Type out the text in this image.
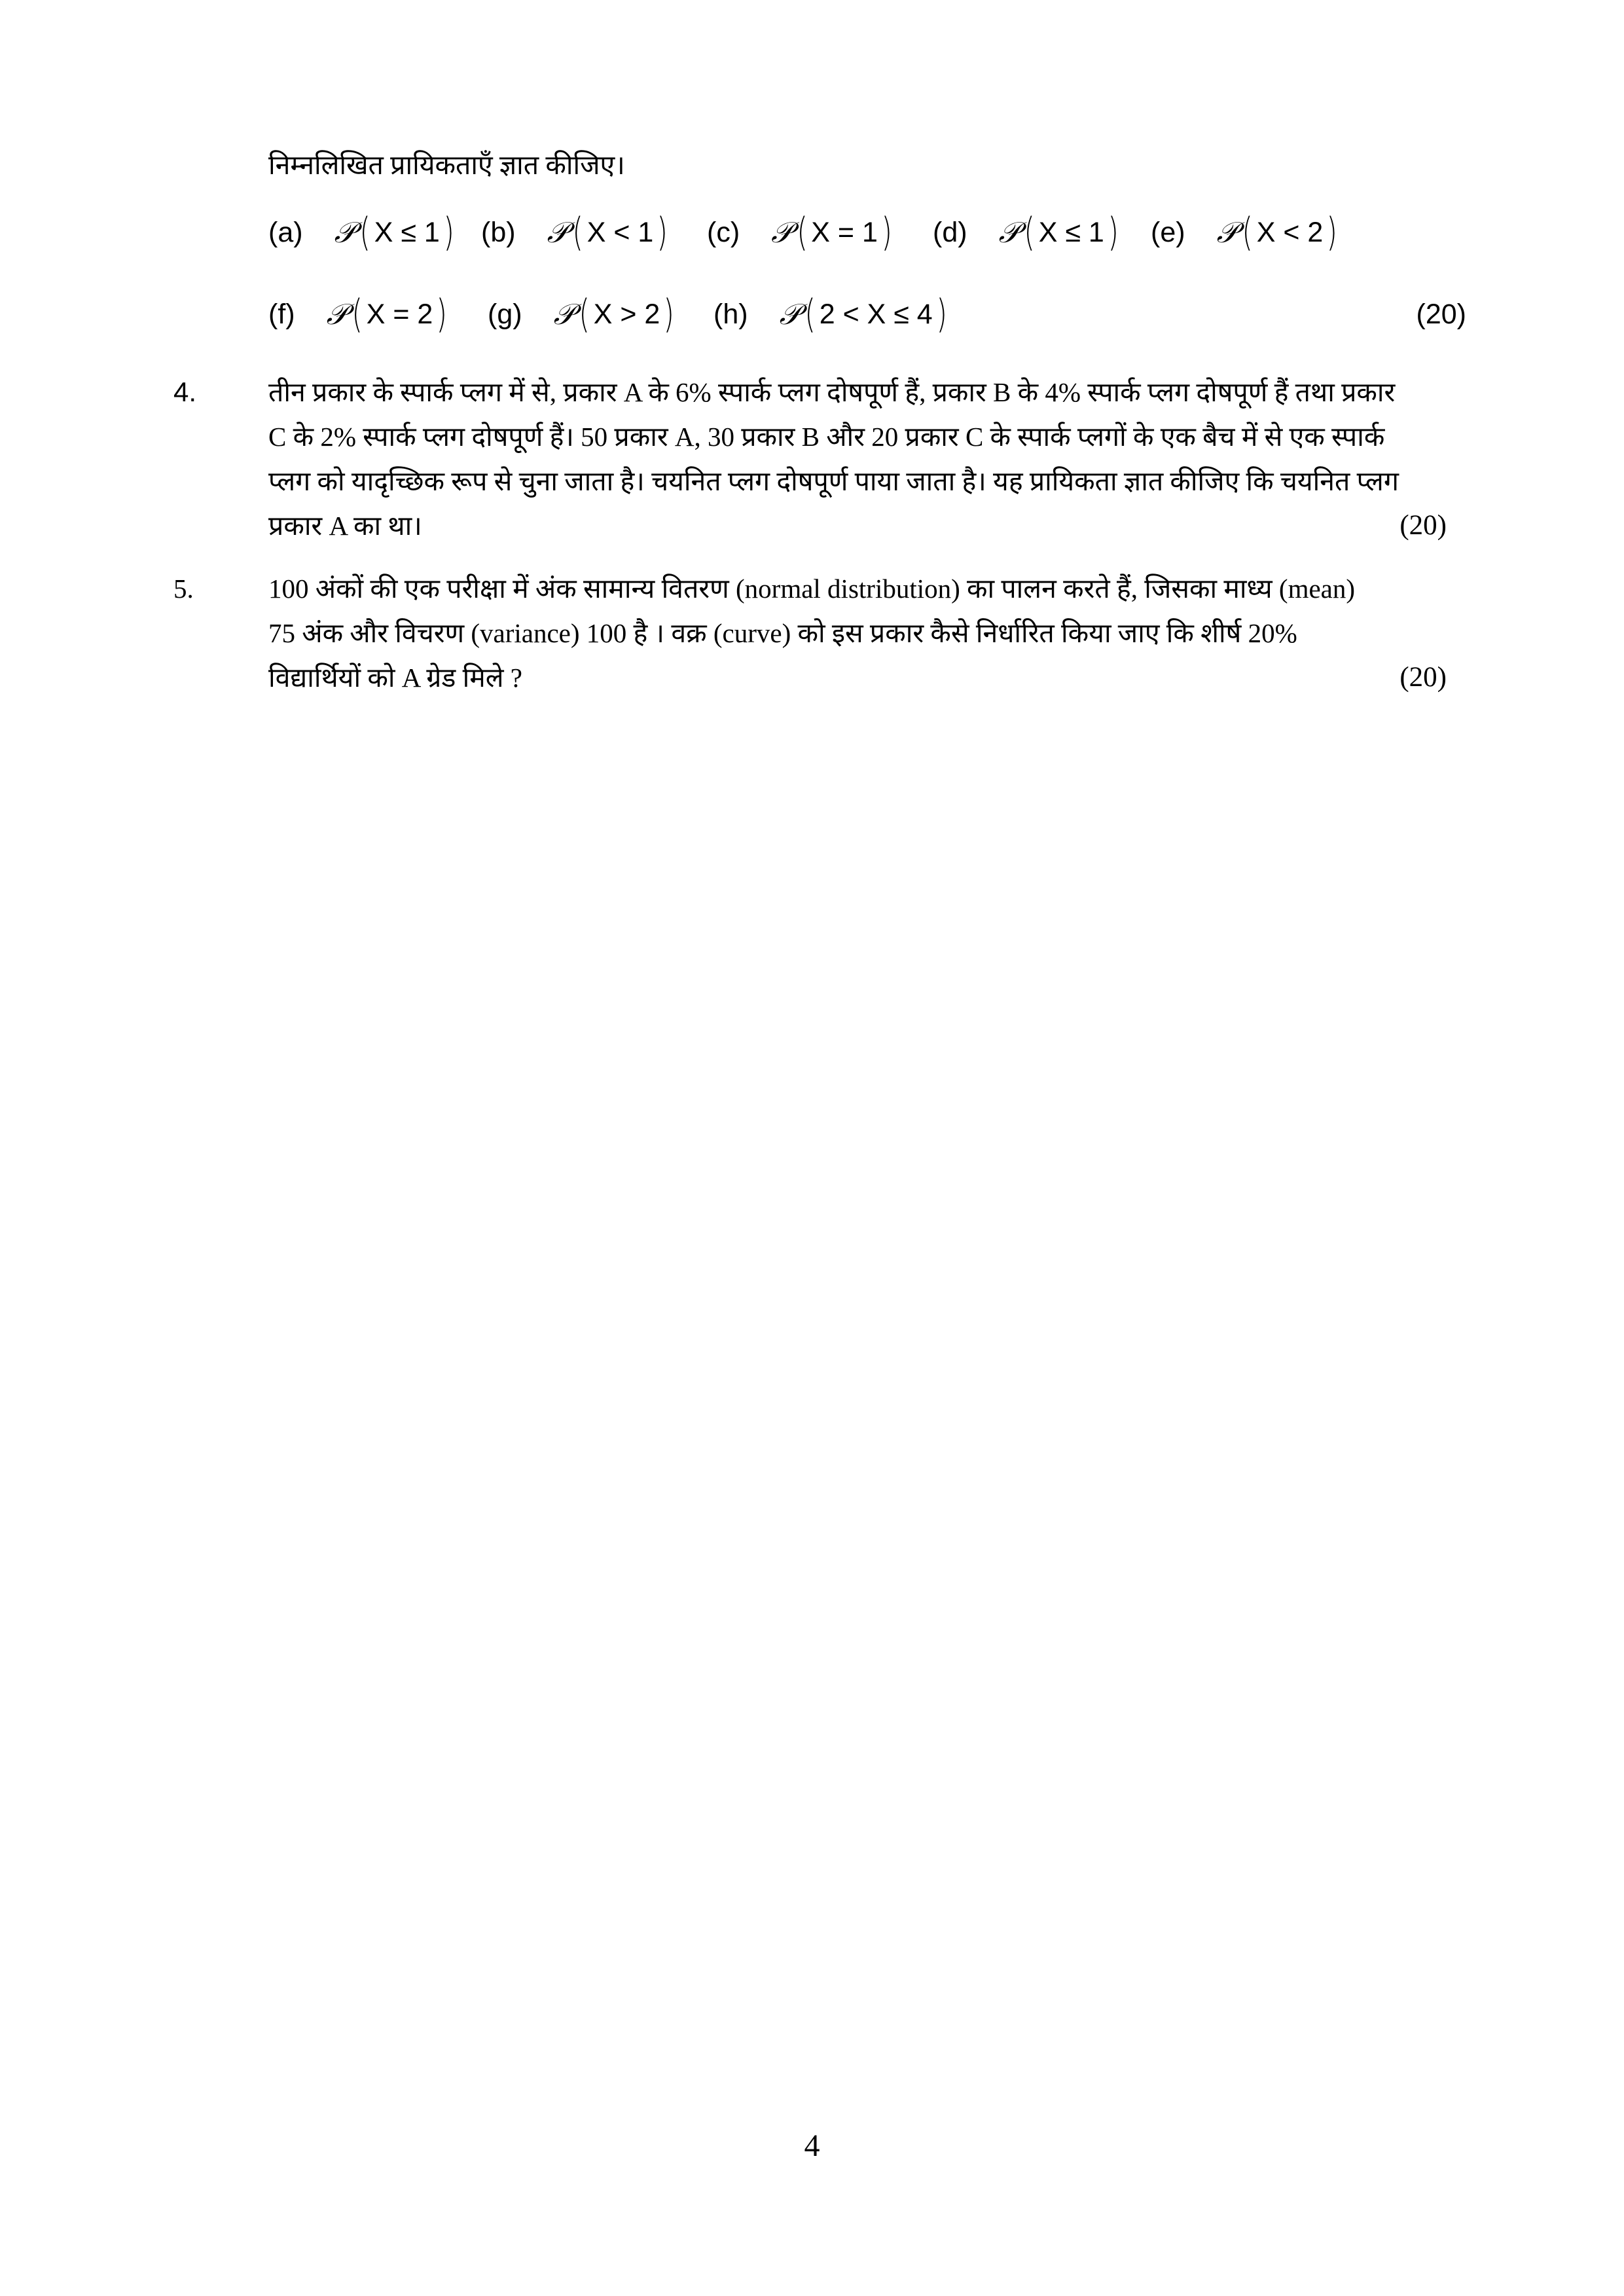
निम्नलिखित प्रायिकताएँ ज्ञात कीजिए।
(a) 𝒫 ( X ≤ 1 ) (b) 𝒫 ( X < 1 ) (c) 𝒫 ( X = 1 ) (d) 𝒫 ( X ≤ 1 ) (e) 𝒫 ( X < 2 )
(f) 𝒫 ( X = 2 ) (g) 𝒫 ( X > 2 ) (h) 𝒫 ( 2 < X ≤ 4 )	(20)
4.	तीन प्रकार के स्पार्क प्लग में से, प्रकार A के 6% स्पार्क प्लग दोषपूर्ण हैं, प्रकार B के 4% स्पार्क प्लग दोषपूर्ण हैं तथा प्रकार
C के 2% स्पार्क प्लग दोषपूर्ण हैं। 50 प्रकार A, 30 प्रकार B और 20 प्रकार C के स्पार्क प्लगों के एक बैच में से एक स्पार्क
प्लग को यादृच्छिक रूप से चुना जाता है। चयनित प्लग दोषपूर्ण पाया जाता है। यह प्रायिकता ज्ञात कीजिए कि चयनित प्लग
प्रकार A का था।	(20)
5.	100 अंकों की एक परीक्षा में अंक सामान्य वितरण (normal distribution) का पालन करते हैं, जिसका माध्य (mean)
75 अंक और विचरण (variance) 100 है । वक्र (curve) को इस प्रकार कैसे निर्धारित किया जाए कि शीर्ष 20%
विद्यार्थियों को A ग्रेड मिले ?	(20)
4
